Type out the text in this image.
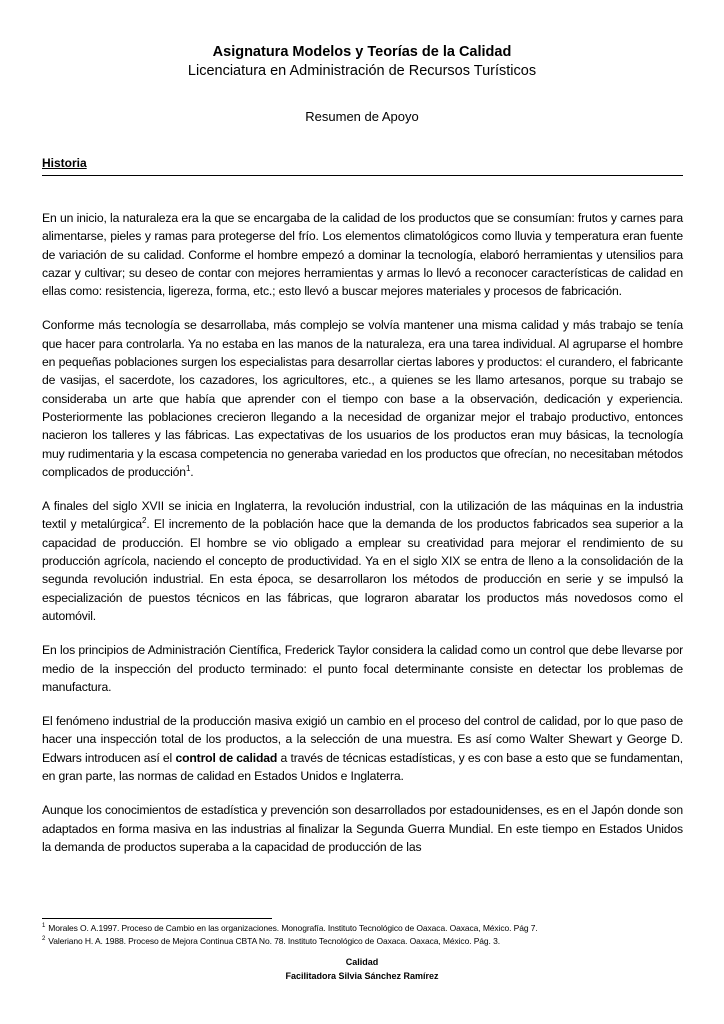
Asignatura Modelos y Teorías de la Calidad
Licenciatura en Administración de Recursos Turísticos
Resumen de Apoyo
Historia

En un inicio, la naturaleza era la que se encargaba de la calidad de los productos que se consumían: frutos y carnes para alimentarse, pieles y ramas para protegerse del frío. Los elementos climatológicos como lluvia y temperatura eran fuente de variación de su calidad. Conforme el hombre empezó a dominar la tecnología, elaboró herramientas y utensilios para cazar y cultivar; su deseo de contar con mejores herramientas y armas lo llevó a reconocer características de calidad en ellas como: resistencia, ligereza, forma, etc.; esto llevó a buscar mejores materiales y procesos de fabricación.

Conforme más tecnología se desarrollaba, más complejo se volvía mantener una misma calidad y más trabajo se tenía que hacer para controlarla. Ya no estaba en las manos de la naturaleza, era una tarea individual. Al agruparse el hombre en pequeñas poblaciones surgen los especialistas para desarrollar ciertas labores y productos: el curandero, el fabricante de vasijas, el sacerdote, los cazadores, los agricultores, etc., a quienes se les llamo artesanos, porque su trabajo se consideraba un arte que había que aprender con el tiempo con base a la observación, dedicación y experiencia. Posteriormente las poblaciones crecieron llegando a la necesidad de organizar mejor el trabajo productivo, entonces nacieron los talleres y las fábricas. Las expectativas de los usuarios de los productos eran muy básicas, la tecnología muy rudimentaria y la escasa competencia no generaba variedad en los productos que ofrecían, no necesitaban métodos complicados de producción$^1$.

A finales del siglo XVII se inicia en Inglaterra, la revolución industrial, con la utilización de las máquinas en la industria textil y metalúrgica$^2$. El incremento de la población hace que la demanda de los productos fabricados sea superior a la capacidad de producción. El hombre se vio obligado a emplear su creatividad para mejorar el rendimiento de su producción agrícola, naciendo el concepto de productividad. Ya en el siglo XIX se entra de lleno a la consolidación de la segunda revolución industrial. En esta época, se desarrollaron los métodos de producción en serie y se impulsó la especialización de puestos técnicos en las fábricas, que lograron abaratar los productos más novedosos como el automóvil.

En los principios de Administración Científica, Frederick Taylor considera la calidad como un control que debe llevarse por medio de la inspección del producto terminado: el punto focal determinante consiste en detectar los problemas de manufactura.

El fenómeno industrial de la producción masiva exigió un cambio en el proceso del control de calidad, por lo que paso de hacer una inspección total de los productos, a la selección de una muestra. Es así como Walter Shewart y George D. Edwars introducen así el control de calidad a través de técnicas estadísticas, y es con base a esto que se fundamentan, en gran parte, las normas de calidad en Estados Unidos e Inglaterra.

Aunque los conocimientos de estadística y prevención son desarrollados por estadounidenses, es en el Japón donde son adaptados en forma masiva en las industrias al finalizar la Segunda Guerra Mundial. En este tiempo en Estados Unidos la demanda de productos superaba a la capacidad de producción de las

$^1$ Morales O. A.1997. Proceso de Cambio en las organizaciones. Monografía. Instituto Tecnológico de Oaxaca. Oaxaca, México. Pág 7.
$^2$ Valeriano H. A. 1988. Proceso de Mejora Continua CBTA No. 78. Instituto Tecnológico de Oaxaca. Oaxaca, México. Pág. 3.
Calidad
Facilitadora Silvia Sánchez Ramírez
